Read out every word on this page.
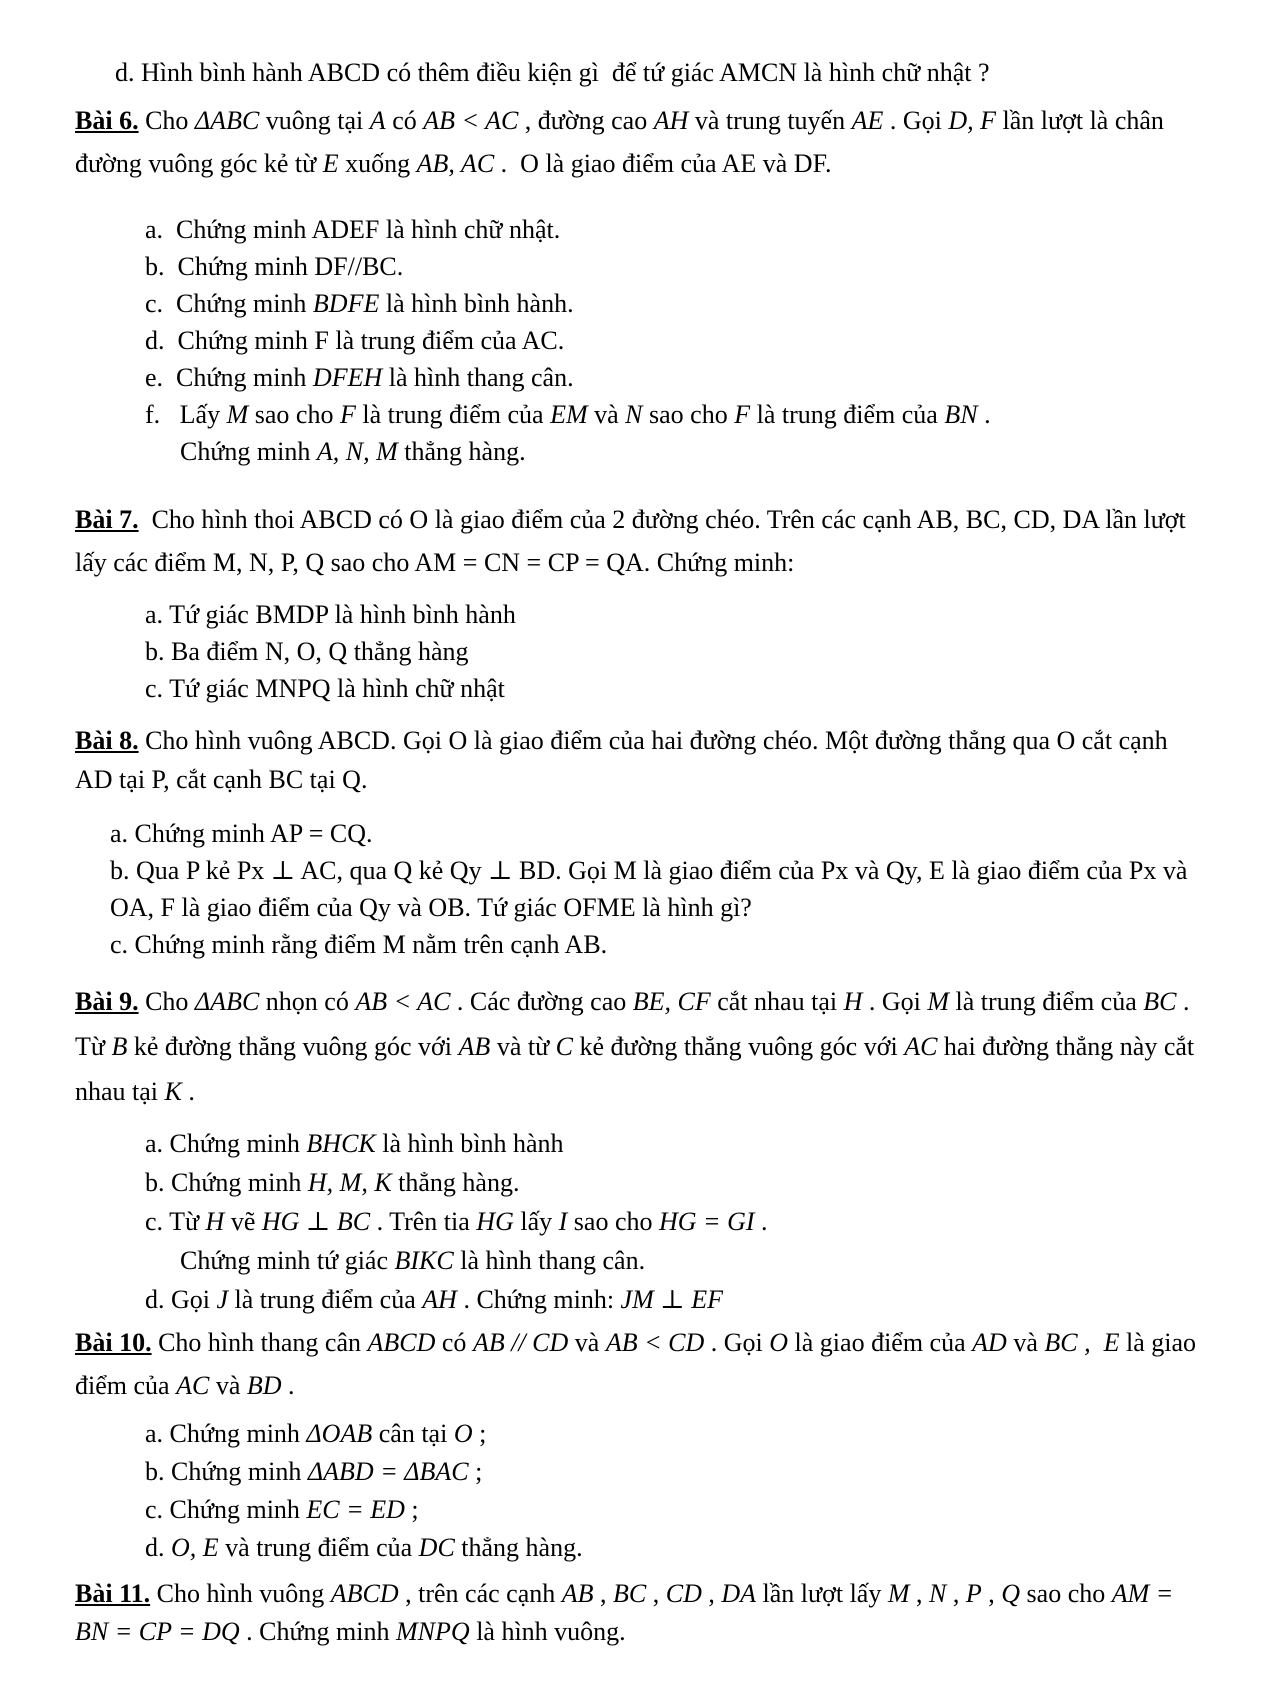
d. Hình bình hành ABCD có thêm điều kiện gì  để tứ giác AMCN là hình chữ nhật ?
Bài 6. Cho ΔABC vuông tại A có AB < AC , đường cao AH và trung tuyến AE . Gọi D, F lần lượt là chân đường vuông góc kẻ từ E xuống AB, AC .  O là giao điểm của AE và DF.
a.  Chứng minh ADEF là hình chữ nhật.
b.  Chứng minh DF//BC.
c.  Chứng minh BDFE là hình bình hành.
d.  Chứng minh F là trung điểm của AC.
e.  Chứng minh DFEH là hình thang cân.
f.   Lấy M sao cho F là trung điểm của EM và N sao cho F là trung điểm của BN .
Chứng minh A, N, M thẳng hàng.
Bài 7.  Cho hình thoi ABCD có O là giao điểm của 2 đường chéo. Trên các cạnh AB, BC, CD, DA lần lượt lấy các điểm M, N, P, Q sao cho AM = CN = CP = QA. Chứng minh:
a. Tứ giác BMDP là hình bình hành
b. Ba điểm N, O, Q thẳng hàng
c. Tứ giác MNPQ là hình chữ nhật
Bài 8. Cho hình vuông ABCD. Gọi O là giao điểm của hai đường chéo. Một đường thẳng qua O cắt cạnh AD tại P, cắt cạnh BC tại Q.
a. Chứng minh AP = CQ.
b. Qua P kẻ Px ⊥ AC, qua Q kẻ Qy ⊥ BD. Gọi M là giao điểm của Px và Qy, E là giao điểm của Px và OA, F là giao điểm của Qy và OB. Tứ giác OFME là hình gì?
c. Chứng minh rằng điểm M nằm trên cạnh AB.
Bài 9. Cho ΔABC nhọn có AB < AC . Các đường cao BE, CF cắt nhau tại H . Gọi M là trung điểm của BC . Từ B kẻ đường thẳng vuông góc với AB và từ C kẻ đường thẳng vuông góc với AC hai đường thẳng này cắt nhau tại K .
a. Chứng minh BHCK là hình bình hành
b. Chứng minh H, M, K thẳng hàng.
c. Từ H vẽ HG ⊥ BC . Trên tia HG lấy I sao cho HG = GI .
Chứng minh tứ giác BIKC là hình thang cân.
d. Gọi J là trung điểm của AH . Chứng minh: JM ⊥ EF
Bài 10. Cho hình thang cân ABCD có AB // CD và AB < CD . Gọi O là giao điểm của AD và BC ,  E là giao điểm của AC và BD .
a. Chứng minh ΔOAB cân tại O ;
b. Chứng minh ΔABD = ΔBAC ;
c. Chứng minh EC = ED ;
d. O, E và trung điểm của DC thẳng hàng.
Bài 11. Cho hình vuông ABCD , trên các cạnh AB , BC , CD , DA lần lượt lấy M , N , P , Q sao cho AM = BN = CP = DQ . Chứng minh MNPQ là hình vuông.
